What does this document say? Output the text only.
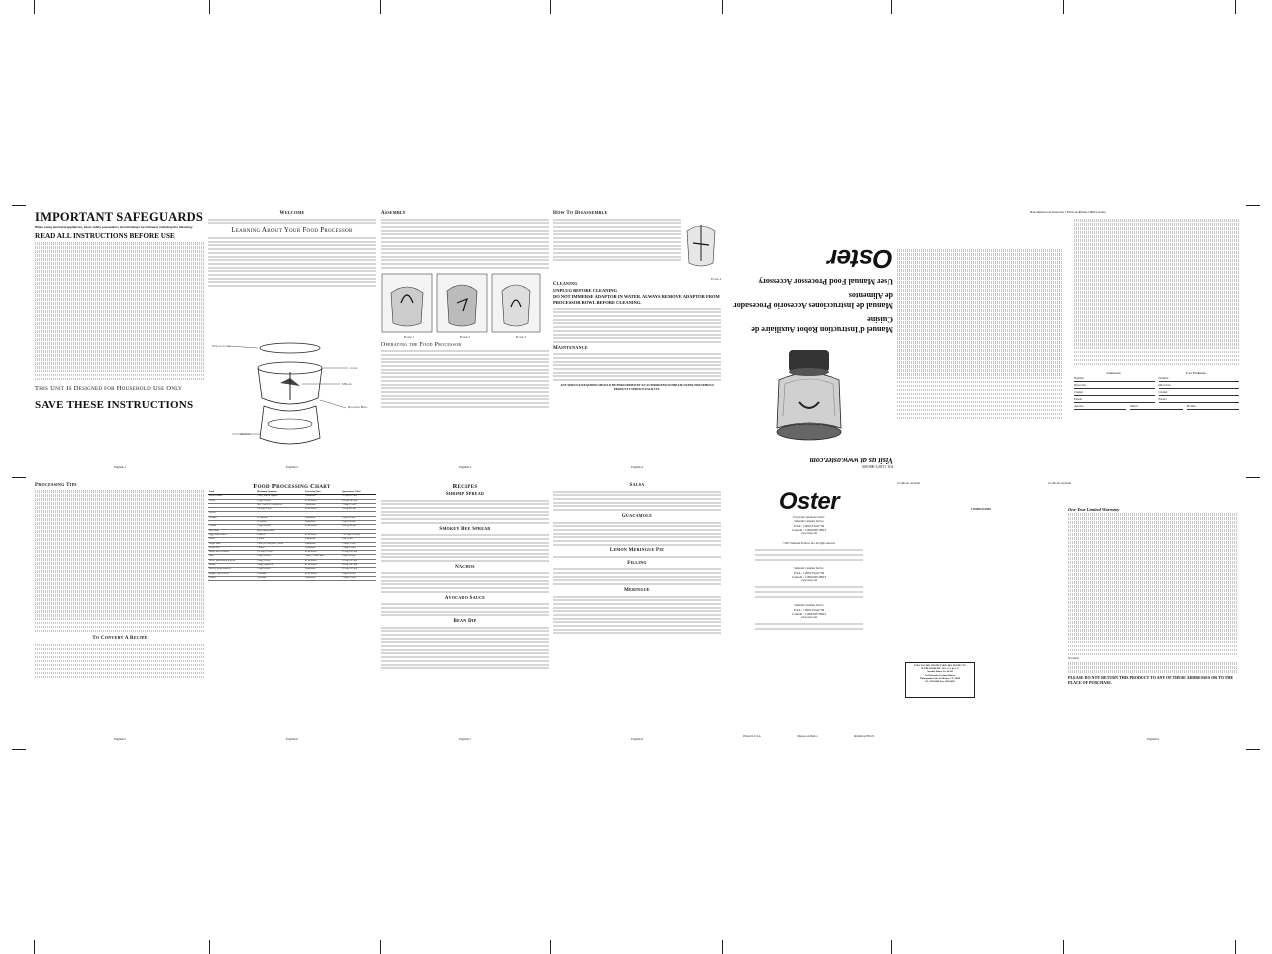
IMPORTANT SAFEGUARDS
When using electrical appliances, basic safety precautions should always be followed, including the following:
READ ALL INSTRUCTIONS BEFORE USE
This Unit Is Designed for Household Use Only
SAVE THESE INSTRUCTIONS
English-1
Welcome
Learning About Your Food Processor
Storage Cover
Cover
S Blade
Processor Bowl
Adaptor
English-2
Assembly
Figure 1	Figure 2	Figure 3
Operating the Food Processor
English-3
How To Disassemble
Figure 4
Cleaning
UNPLUG BEFORE CLEANING
DO NOT IMMERSE ADAPTOR IN WATER. ALWAYS REMOVE ADAPTOR FROM PROCESSOR BOWL BEFORE CLEANING.
Maintenance
ANY SERVICE REQUIRED SHOULD BE PERFORMED BY AN AUTHORIZED SUNBEAM-OSTER HOUSEHOLD PRODUCTS SERVICE FACILITY.
English-4	P.N. 112871-000-000
Visit us at www.oster.com
Manuel d'Instruction Robot Auxiliaire de Cuisine
Manual de Instrucciones Accesorio Procesador de Alimentos
User Manual Food Processor Accessory
Oster
Para Servicio de Garantía • Venta de Partes y Refacciones
Comprador	Casa Vendedora
Nombre	Nombre
Dirección	Dirección
Ciudad	Ciudad
Estado	Estado
Aparato	Marca	Modelo
Processing Tips
To Convert A Recipe
English-5
Food Processing Chart
Food	Maximum Quantity	Processing Time	Approximate Yield
Bread Crumbs	1 slice, torn in eighths	Continuous	1/2 cup (125 ml)
Celery	1 cup (250 ml)	4 Fast Pulses	3/4 cup (185 ml)
	Dry: 1 inch (2.5 cm) pieces	Continuous	1 Tbsp (15 ml)
	1/4 cup (62 ml)	4 Fast Pulses	1/4 cup (62 ml)
Cheese			
Cookies	12 crackers	Continuous	1 cup (250 ml)
	12 cookies	Continuous	1 cup (250 ml)
Crumbs	1 cup (250 ml)	4 Fast Pulses	1/4 cup (62 ml)
Dried fruit	Not recommended		
Eggs, hard-cooked	2 halved	4 Fast Pulses	1 1/2 cups (375 ml)
Garlic	2 whole	Continuous	1 tsp (5 ml)
Ginger Root	1 inch (2.5 cm) piece, sliced	Continuous	1 Tbsp (15 ml)
Lemon Peel	1 lemon	Continuous	1 Tbsp (15 ml)
Meats, raw or cooked	1/2 cup (125 ml)	4 Fast Pulses	1/2 cup (125 ml)
Nuts	1 cup (250 ml)	Coarse: 2 Fast Pulses	1 cup (250 ml)
Olives, pitted black or green	1 cup (250 ml)	4 Fast Pulses	2/3 cup (165 ml)
Onions	1 large, quartered	4 Fast Pulses	3/4 cup (185 ml)
Parsley, stems removed	1 cup (250 ml)	Continuous	1/2 cup (125 ml)
Peppers, green or red	1 medium	4 Fast Pulses	1 cup (250 ml)
Pickles	1 medium	Continuous	1 Tbsp (15 ml)
English-6
Recipes
Shrimp Spread
Smokey Bee Spread
Nachos
Avocado Sauce
Bean Dip
English-7
Salsa
Guacamole
Lemon Meringue Pie
Filling
Meringue
English-8
Oster
For product questions contact:
Sunbeam Consumer Service
USA : 1.800.334.0759
Canada : 1.800.667.8623
www.oster.com
©2007 Sunbeam Products, Inc. All rights reserved.
Sunbeam Consumer Service
USA : 1.800.334.0759
Canada : 1.800.667.8623
www.oster.com
Sunbeam Consumer Service
USA : 1.800.334.0759
Canada : 1.800.667.8623
www.oster.com
Printed in U.S.A.	Impreso en Mexico	Imprimé en EE.UU.
Un Año de Garantía
CONDICIONES
PARA USO DEL PROPIETARIO DEL PRODUCTO
SUNBEAM MEXICANA, S.A. de C.V.
Avenida Juárez No. 40-201
Ex-Hacienda de Santa Mónica
Tlalnepantla, Edo. de México, C.P. 54050
Tel. 5366-0800 Fax: 5366-0870
Un Año de Garantía
One-Year Limited Warranty
In Canada
PLEASE DO NOT RETURN THIS PRODUCT TO ANY OF THESE ADDRESSES OR TO THE PLACE OF PURCHASE.
English-9
